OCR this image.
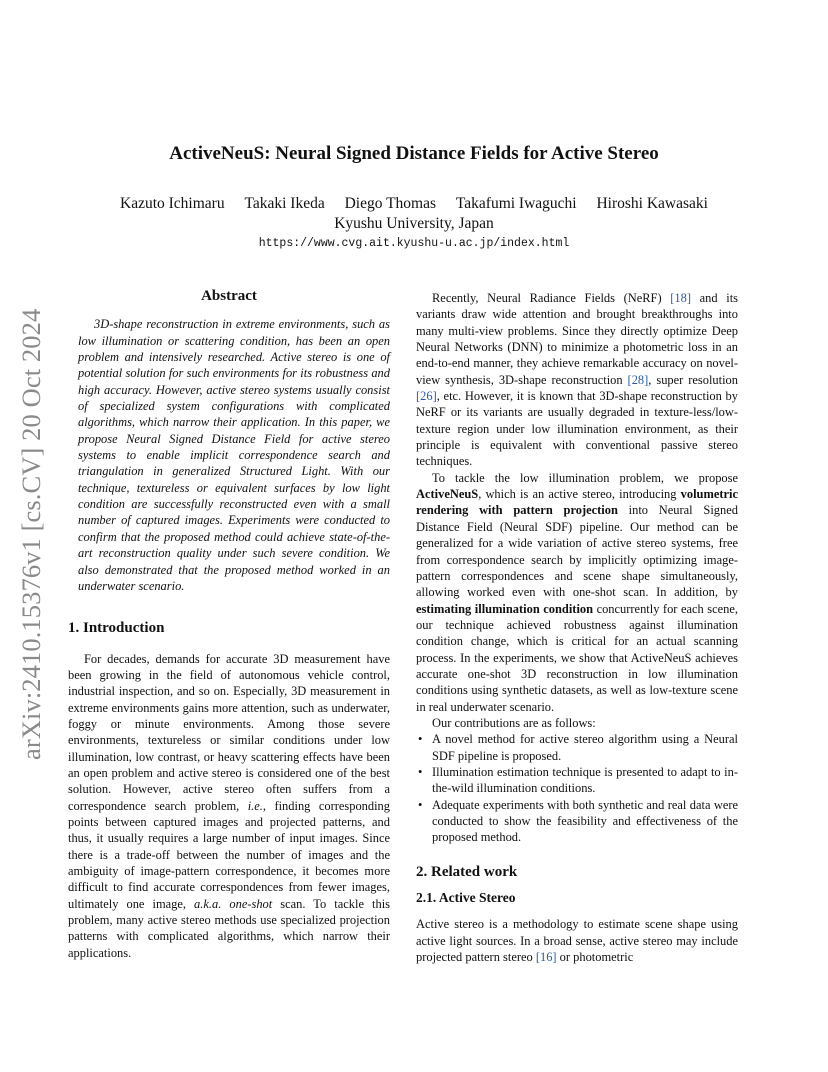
arXiv:2410.15376v1 [cs.CV] 20 Oct 2024
ActiveNeuS: Neural Signed Distance Fields for Active Stereo
Kazuto Ichimaru Takaki Ikeda Diego Thomas Takafumi Iwaguchi Hiroshi Kawasaki
Kyushu University, Japan
https://www.cvg.ait.kyushu-u.ac.jp/index.html
Abstract

3D-shape reconstruction in extreme environments, such as low illumination or scattering condition, has been an open problem and intensively researched. Active stereo is one of potential solution for such environments for its robustness and high accuracy. However, active stereo systems usually consist of specialized system configurations with complicated algorithms, which narrow their application. In this paper, we propose Neural Signed Distance Field for active stereo systems to enable implicit correspondence search and triangulation in generalized Structured Light. With our technique, textureless or equivalent surfaces by low light condition are successfully reconstructed even with a small number of captured images. Experiments were conducted to confirm that the proposed method could achieve state-of-the-art reconstruction quality under such severe condition. We also demonstrated that the proposed method worked in an underwater scenario.

1. Introduction

For decades, demands for accurate 3D measurement have been growing in the field of autonomous vehicle control, industrial inspection, and so on. Especially, 3D measurement in extreme environments gains more attention, such as underwater, foggy or minute environments. Among those severe environments, textureless or similar conditions under low illumination, low contrast, or heavy scattering effects have been an open problem and active stereo is considered one of the best solution. However, active stereo often suffers from a correspondence search problem, i.e., finding corresponding points between captured images and projected patterns, and thus, it usually requires a large number of input images. Since there is a trade-off between the number of images and the ambiguity of image-pattern correspondence, it becomes more difficult to find accurate correspondences from fewer images, ultimately one image, a.k.a. one-shot scan. To tackle this problem, many active stereo methods use specialized projection patterns with complicated algorithms, which narrow their applications.

Recently, Neural Radiance Fields (NeRF) [18] and its variants draw wide attention and brought breakthroughs into many multi-view problems. Since they directly optimize Deep Neural Networks (DNN) to minimize a photometric loss in an end-to-end manner, they achieve remarkable accuracy on novel-view synthesis, 3D-shape reconstruction [28], super resolution [26], etc. However, it is known that 3D-shape reconstruction by NeRF or its variants are usually degraded in texture-less/low-texture region under low illumination environment, as their principle is equivalent with conventional passive stereo techniques.

To tackle the low illumination problem, we propose ActiveNeuS, which is an active stereo, introducing volumetric rendering with pattern projection into Neural Signed Distance Field (Neural SDF) pipeline. Our method can be generalized for a wide variation of active stereo systems, free from correspondence search by implicitly optimizing image-pattern correspondences and scene shape simultaneously, allowing worked even with one-shot scan. In addition, by estimating illumination condition concurrently for each scene, our technique achieved robustness against illumination condition change, which is critical for an actual scanning process. In the experiments, we show that ActiveNeuS achieves accurate one-shot 3D reconstruction in low illumination conditions using synthetic datasets, as well as low-texture scene in real underwater scenario.

Our contributions are as follows:

• A novel method for active stereo algorithm using a Neural SDF pipeline is proposed.
• Illumination estimation technique is presented to adapt to in-the-wild illumination conditions.
• Adequate experiments with both synthetic and real data were conducted to show the feasibility and effectiveness of the proposed method.
2. Related work
2.1. Active Stereo

Active stereo is a methodology to estimate scene shape using active light sources. In a broad sense, active stereo may include projected pattern stereo [16] or photometric
